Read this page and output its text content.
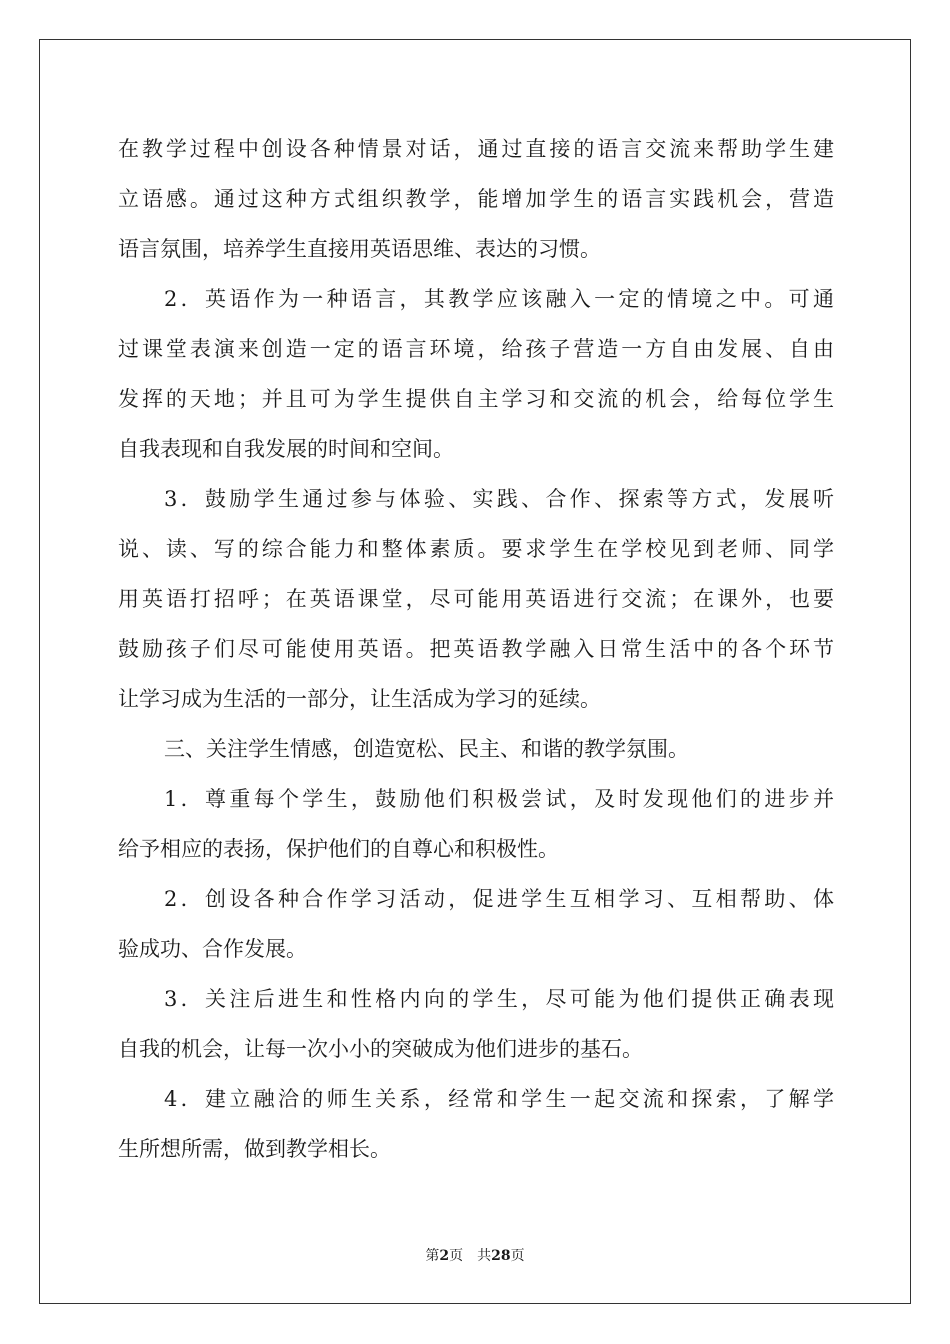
在教学过程中创设各种情景对话，通过直接的语言交流来帮助学生建
立语感。通过这种方式组织教学，能增加学生的语言实践机会，营造
语言氛围，培养学生直接用英语思维、表达的习惯。
2．英语作为一种语言，其教学应该融入一定的情境之中。可通
过课堂表演来创造一定的语言环境，给孩子营造一方自由发展、自由
发挥的天地；并且可为学生提供自主学习和交流的机会，给每位学生
自我表现和自我发展的时间和空间。
3．鼓励学生通过参与体验、实践、合作、探索等方式，发展听
说、读、写的综合能力和整体素质。要求学生在学校见到老师、同学
用英语打招呼；在英语课堂，尽可能用英语进行交流；在课外，也要
鼓励孩子们尽可能使用英语。把英语教学融入日常生活中的各个环节
让学习成为生活的一部分，让生活成为学习的延续。
三、关注学生情感，创造宽松、民主、和谐的教学氛围。
1．尊重每个学生，鼓励他们积极尝试，及时发现他们的进步并
给予相应的表扬，保护他们的自尊心和积极性。
2．创设各种合作学习活动，促进学生互相学习、互相帮助、体
验成功、合作发展。
3．关注后进生和性格内向的学生，尽可能为他们提供正确表现
自我的机会，让每一次小小的突破成为他们进步的基石。
4．建立融洽的师生关系，经常和学生一起交流和探索，了解学
生所想所需，做到教学相长。
第2页 共28页
